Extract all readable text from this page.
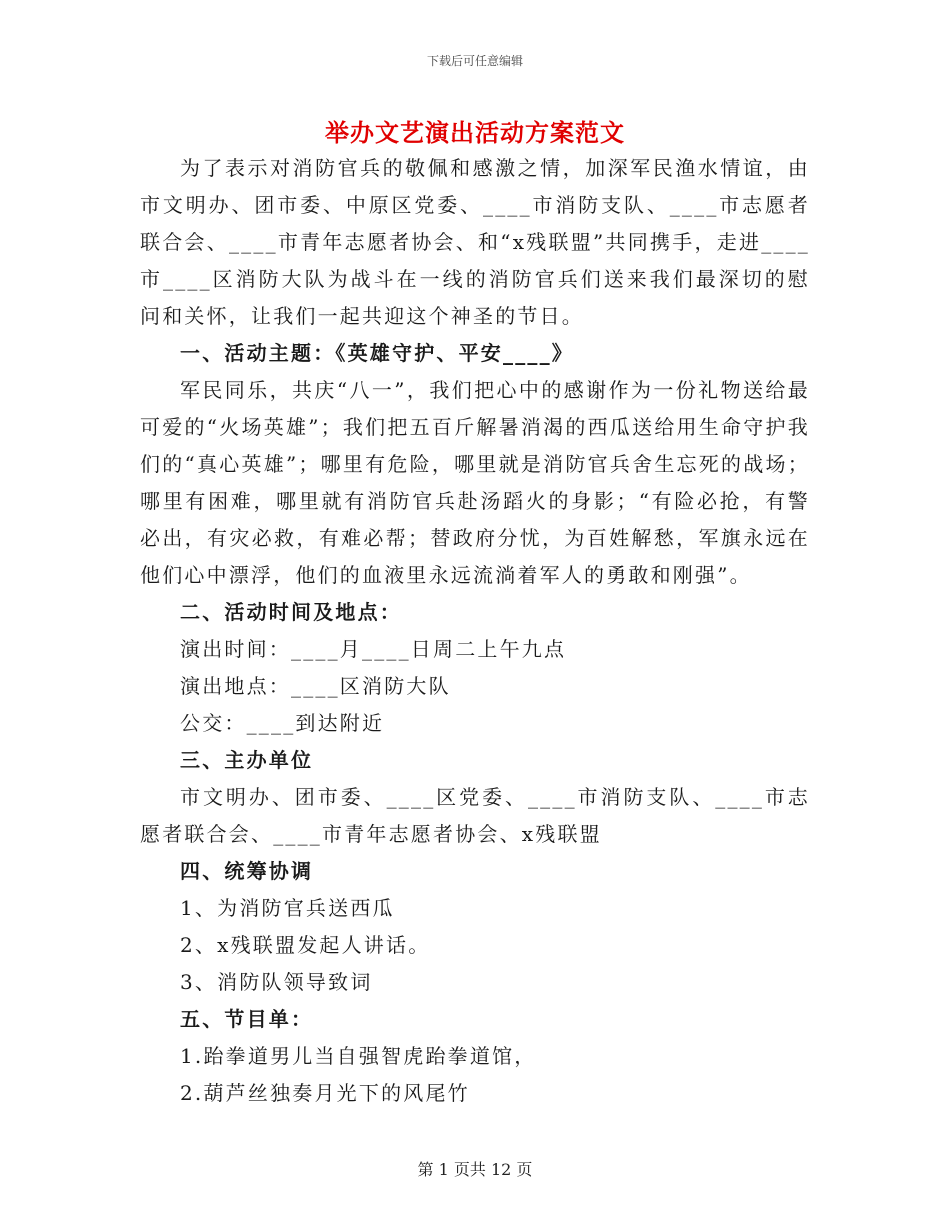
下载后可任意编辑
举办文艺演出活动方案范文

为了表示对消防官兵的敬佩和感激之情，加深军民渔水情谊，由市文明办、团市委、中原区党委、____市消防支队、____市志愿者联合会、____市青年志愿者协会、和“x残联盟”共同携手，走进____市____区消防大队为战斗在一线的消防官兵们送来我们最深切的慰问和关怀，让我们一起共迎这个神圣的节日。

一、活动主题：《英雄守护、平安____》

军民同乐，共庆“八一”，我们把心中的感谢作为一份礼物送给最可爱的“火场英雄”；我们把五百斤解暑消渴的西瓜送给用生命守护我们的“真心英雄”；哪里有危险，哪里就是消防官兵舍生忘死的战场；哪里有困难，哪里就有消防官兵赴汤蹈火的身影；“有险必抢，有警必出，有灾必救，有难必帮；替政府分忧，为百姓解愁，军旗永远在他们心中漂浮，他们的血液里永远流淌着军人的勇敢和刚强”。

二、活动时间及地点：

演出时间：____月____日周二上午九点

演出地点：____区消防大队

公交：____到达附近

三、主办单位

市文明办、团市委、____区党委、____市消防支队、____市志愿者联合会、____市青年志愿者协会、x残联盟

四、统筹协调

1、为消防官兵送西瓜

2、x残联盟发起人讲话。

3、消防队领导致词

五、节目单：

1.跆拳道男儿当自强智虎跆拳道馆，

2.葫芦丝独奏月光下的风尾竹

第 1 页共 12 页
